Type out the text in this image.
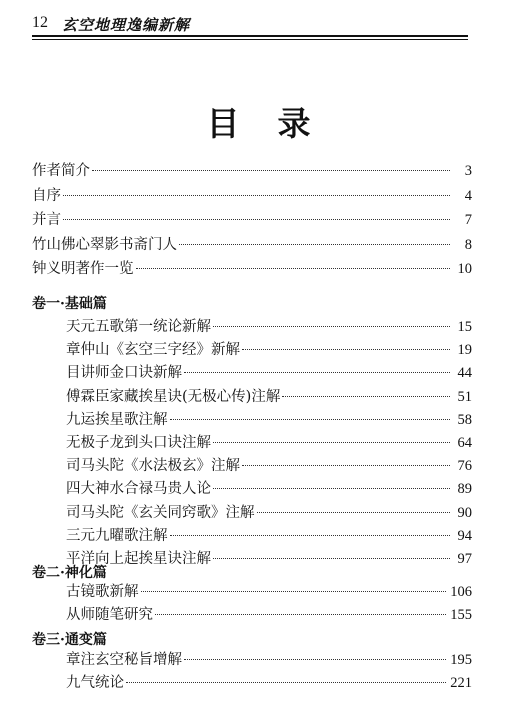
12 玄空地理逸编新解
目录
作者简介	3
自序	4
并言	7
竹山佛心翠影书斋门人	8
钟义明著作一览	10
卷一·基础篇
天元五歌第一统论新解	15
章仲山《玄空三字经》新解	19
目讲师金口诀新解	44
傅霖臣家藏挨星诀(无极心传)注解	51
九运挨星歌注解	58
无极子龙到头口诀注解	64
司马头陀《水法极玄》注解	76
四大神水合禄马贵人论	89
司马头陀《玄关同窍歌》注解	90
三元九曜歌注解	94
平洋向上起挨星诀注解	97
卷二·神化篇
古镜歌新解	106
从师随笔研究	155
卷三·通变篇
章注玄空秘旨增解	195
九气统论	221
